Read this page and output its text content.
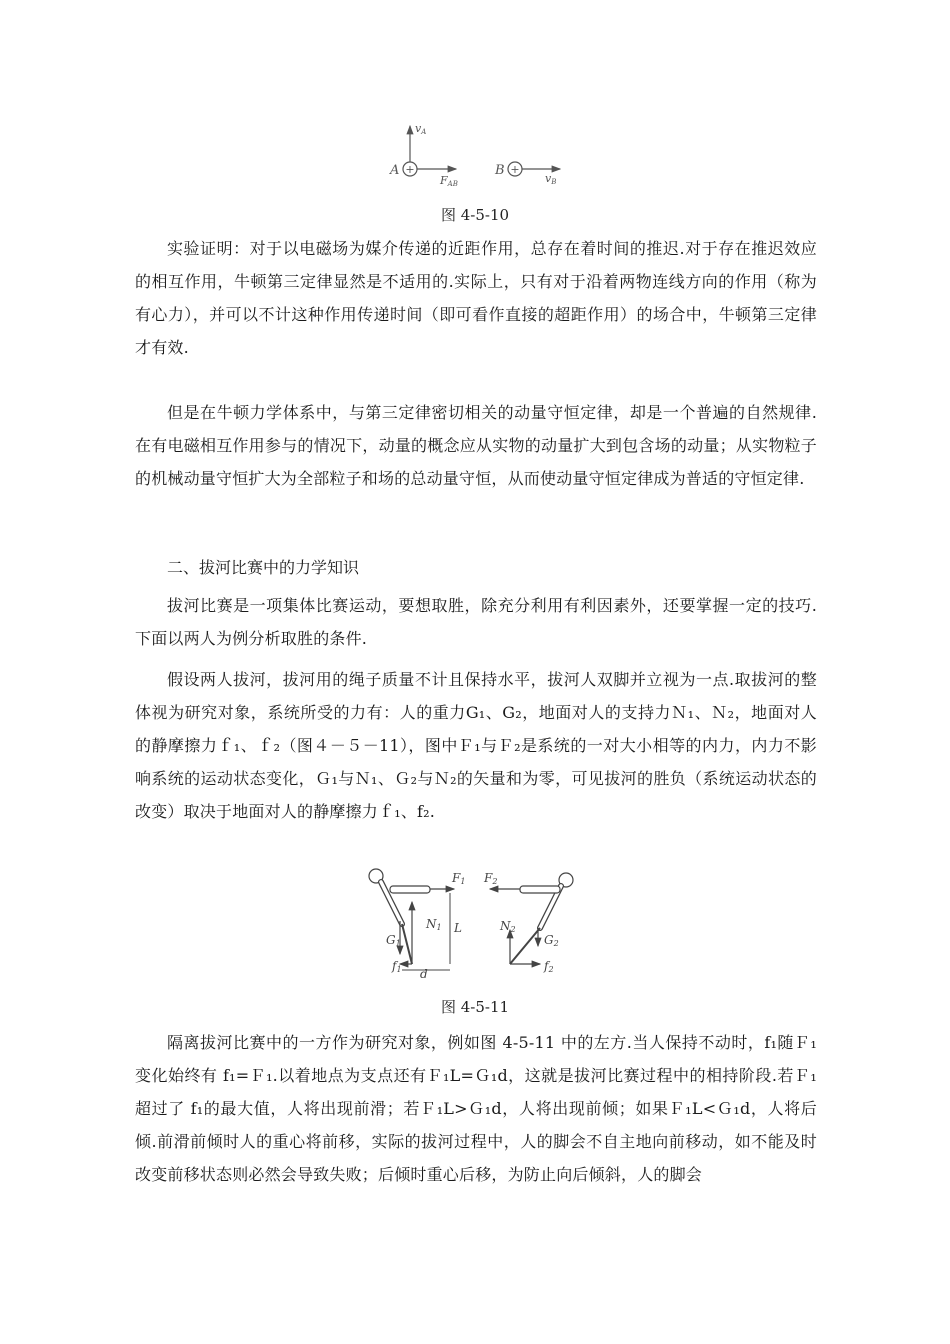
+
A
vA
FAB
+
B
vB
图 4-5-10
实验证明：对于以电磁场为媒介传递的近距作用，总存在着时间的推迟.对于存在推迟效应的相互作用，牛顿第三定律显然是不适用的.实际上，只有对于沿着两物连线方向的作用（称为有心力），并可以不计这种作用传递时间（即可看作直接的超距作用）的场合中，牛顿第三定律才有效.
但是在牛顿力学体系中，与第三定律密切相关的动量守恒定律，却是一个普遍的自然规律.在有电磁相互作用参与的情况下，动量的概念应从实物的动量扩大到包含场的动量；从实物粒子的机械动量守恒扩大为全部粒子和场的总动量守恒，从而使动量守恒定律成为普适的守恒定律.
二、拔河比赛中的力学知识
拔河比赛是一项集体比赛运动，要想取胜，除充分利用有利因素外，还要掌握一定的技巧.下面以两人为例分析取胜的条件.
假设两人拔河，拔河用的绳子质量不计且保持水平，拔河人双脚并立视为一点.取拔河的整体视为研究对象，系统所受的力有：人的重力G₁、G₂，地面对人的支持力Ｎ₁、Ｎ₂，地面对人的静摩擦力ｆ₁、ｆ₂（图４－５－11），图中Ｆ₁与Ｆ₂是系统的一对大小相等的内力，内力不影响系统的运动状态变化，Ｇ₁与Ｎ₁、Ｇ₂与Ｎ₂的矢量和为零，可见拔河的胜负（系统运动状态的改变）取决于地面对人的静摩擦力ｆ₁、f₂.
F1
N1
G1
f1
L
d
F2
N2
G2
f2
图 4-5-11
隔离拔河比赛中的一方作为研究对象，例如图 4-5-11 中的左方.当人保持不动时，f₁随Ｆ₁变化始终有 f₁=Ｆ₁.以着地点为支点还有Ｆ₁L=Ｇ₁d，这就是拔河比赛过程中的相持阶段.若Ｆ₁超过了 f₁的最大值，人将出现前滑；若Ｆ₁L>Ｇ₁d，人将出现前倾；如果Ｆ₁L<Ｇ₁d，人将后倾.前滑前倾时人的重心将前移，实际的拔河过程中，人的脚会不自主地向前移动，如不能及时改变前移状态则必然会导致失败；后倾时重心后移，为防止向后倾斜，人的脚会
